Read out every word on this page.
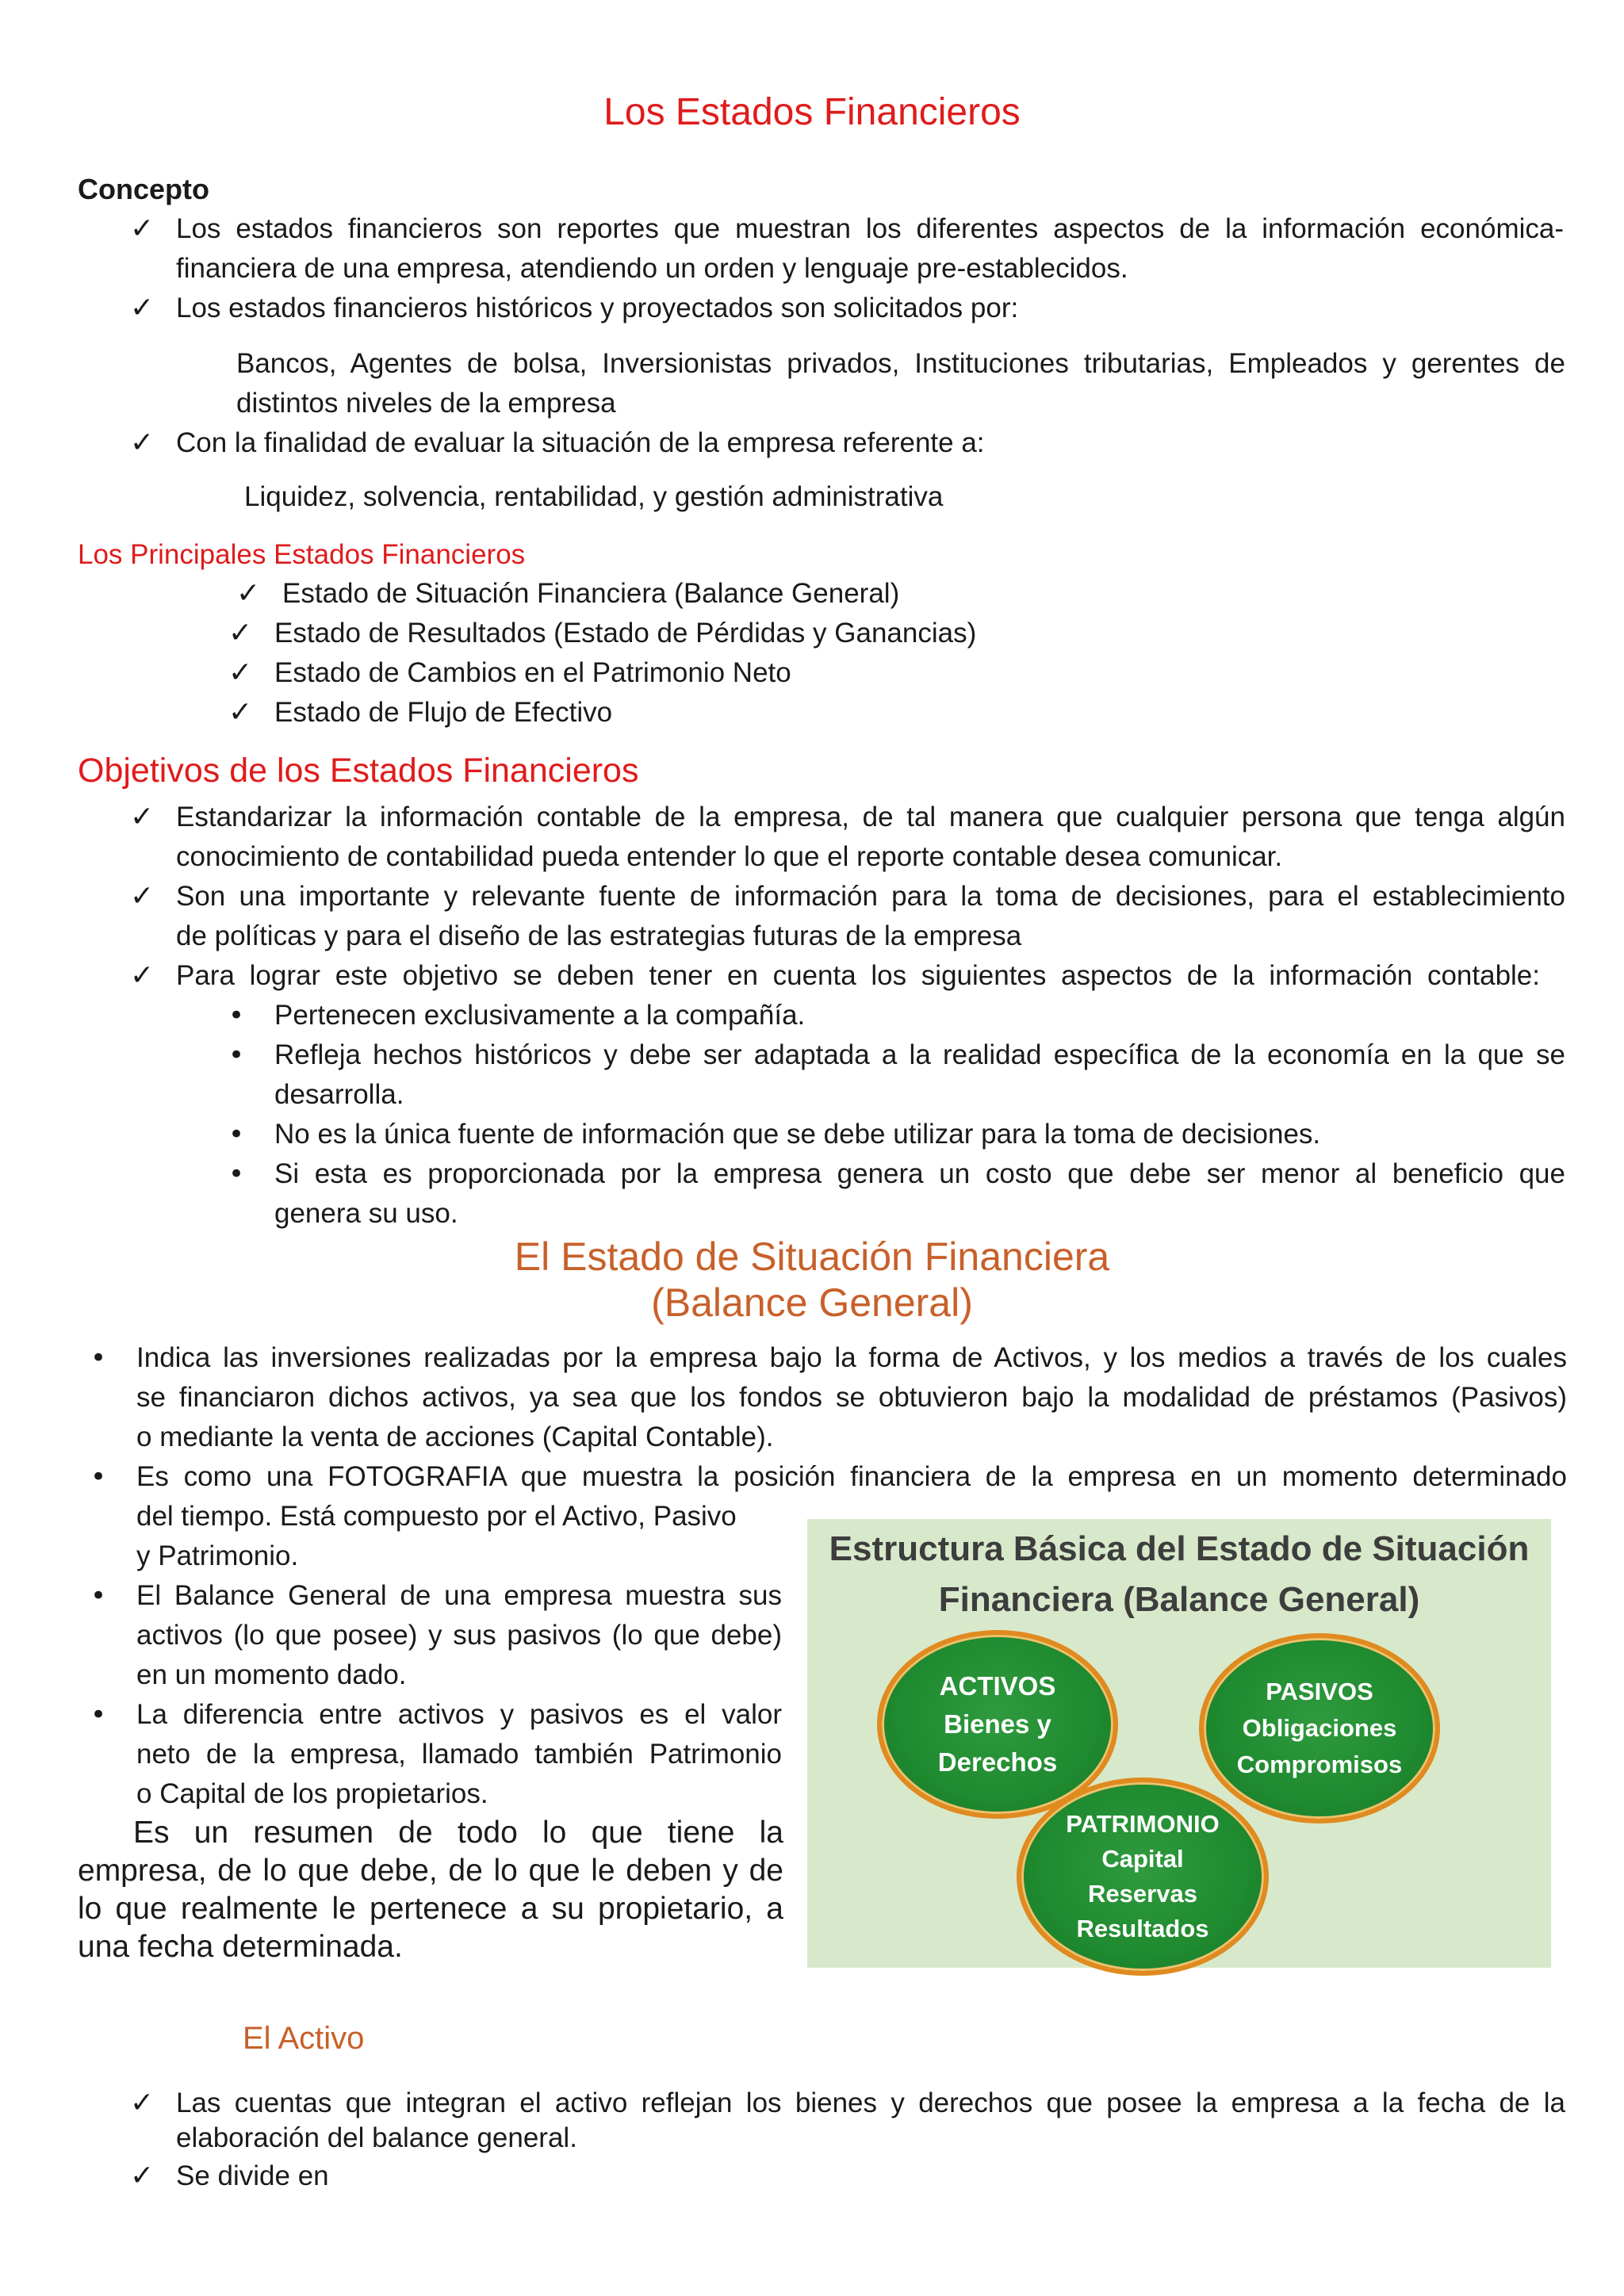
Los Estados Financieros
Concepto
✓ Los estados financieros son reportes que muestran los diferentes aspectos de la información económica-
financiera de una empresa, atendiendo un orden y lenguaje pre-establecidos.
✓ Los estados financieros históricos y proyectados son solicitados por:
Bancos, Agentes de bolsa, Inversionistas privados, Instituciones tributarias, Empleados y gerentes de
distintos niveles de la empresa
✓ Con la finalidad de evaluar la situación de la empresa referente a:
Liquidez, solvencia, rentabilidad, y gestión administrativa
Los Principales Estados Financieros
✓ Estado de Situación Financiera (Balance General)
✓ Estado de Resultados (Estado de Pérdidas y Ganancias)
✓ Estado de Cambios en el Patrimonio Neto
✓ Estado de Flujo de Efectivo
Objetivos de los Estados Financieros
✓ Estandarizar la información contable de la empresa, de tal manera que cualquier persona que tenga algún
conocimiento de contabilidad pueda entender lo que el reporte contable desea comunicar.
✓ Son una importante y relevante fuente de información para la toma de decisiones, para el establecimiento
de políticas y para el diseño de las estrategias futuras de la empresa
✓ Para lograr este objetivo se deben tener en cuenta los siguientes aspectos de la información contable:
• Pertenecen exclusivamente a la compañía.
• Refleja hechos históricos y debe ser adaptada a la realidad específica de la economía en la que se
desarrolla.
• No es la única fuente de información que se debe utilizar para la toma de decisiones.
• Si esta es proporcionada por la empresa genera un costo que debe ser menor al beneficio que
genera su uso.
El Estado de Situación Financiera
(Balance General)
• Indica las inversiones realizadas por la empresa bajo la forma de Activos, y los medios a través de los cuales
se financiaron dichos activos, ya sea que los fondos se obtuvieron bajo la modalidad de préstamos (Pasivos)
o mediante la venta de acciones (Capital Contable).
• Es como una FOTOGRAFIA que muestra la posición financiera de la empresa en un momento determinado
del tiempo. Está compuesto por el Activo, Pasivo
y Patrimonio.
• El Balance General de una empresa muestra sus
activos (lo que posee) y sus pasivos (lo que debe)
en un momento dado.
• La diferencia entre activos y pasivos es el valor
neto de la empresa, llamado también Patrimonio
o Capital de los propietarios.
Es un resumen de todo lo que tiene la
empresa, de lo que debe, de lo que le deben y de
lo que realmente le pertenece a su propietario, a
una fecha determinada.
Estructura Básica del Estado de Situación
Financiera (Balance General)
ACTIVOS
Bienes y
Derechos
PASIVOS
Obligaciones
Compromisos
PATRIMONIO
Capital
Reservas
Resultados
El Activo
✓ Las cuentas que integran el activo reflejan los bienes y derechos que posee la empresa a la fecha de la
elaboración del balance general.
✓ Se divide en
